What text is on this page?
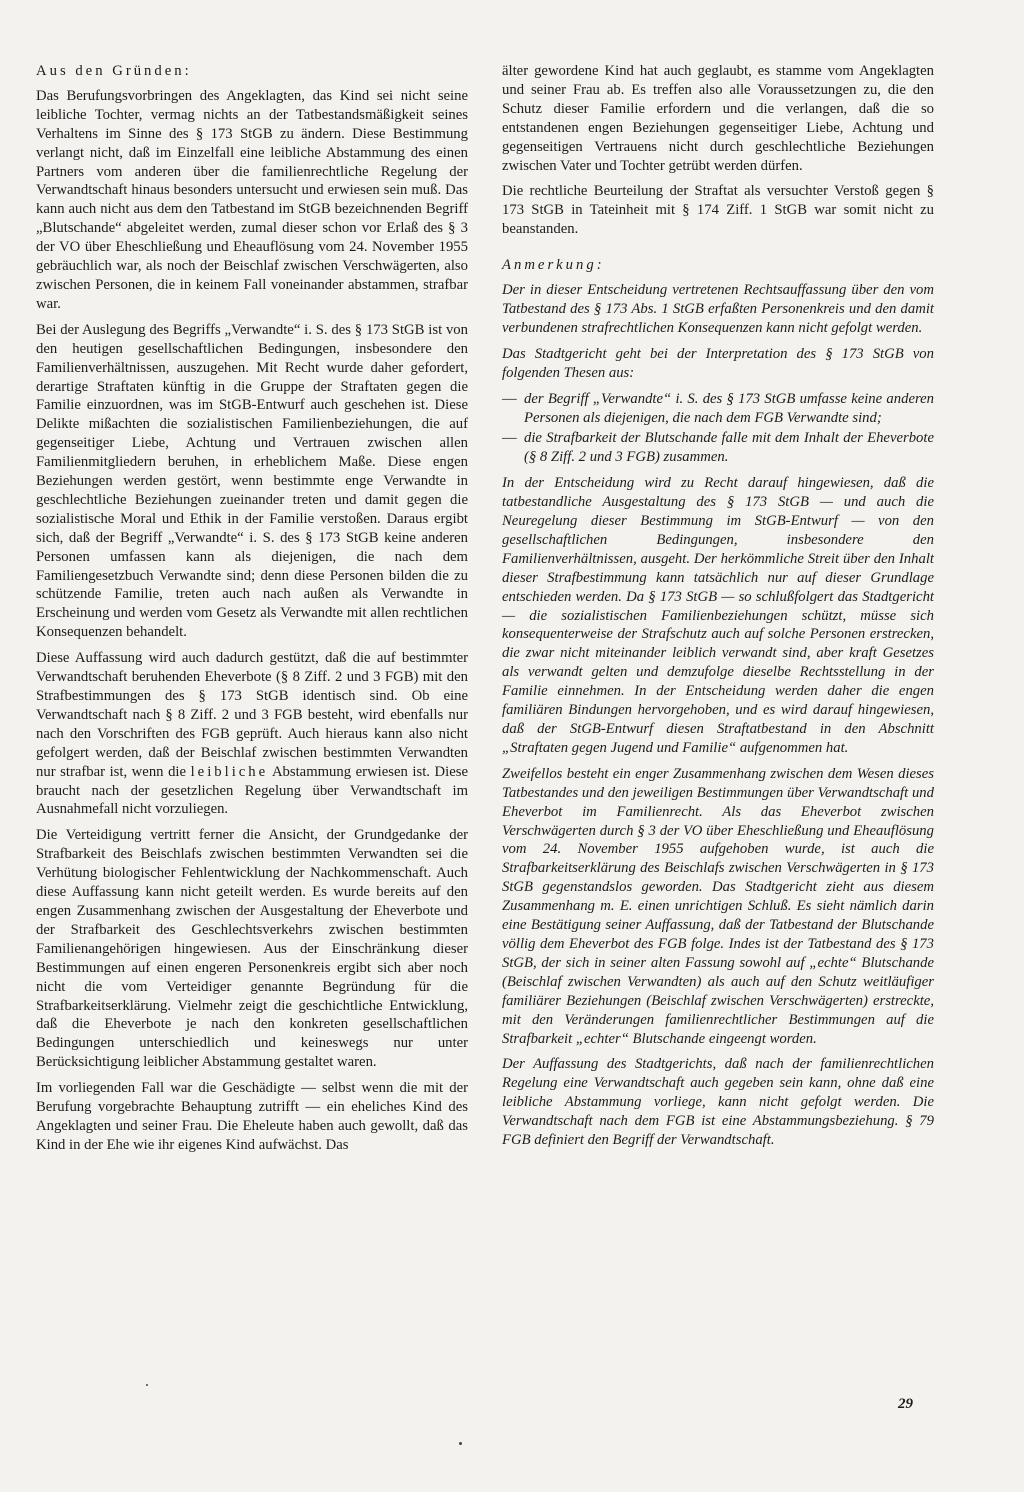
Aus den Gründen:

Das Berufungsvorbringen des Angeklagten, das Kind sei nicht seine leibliche Tochter, vermag nichts an der Tatbestandsmäßigkeit seines Verhaltens im Sinne des § 173 StGB zu ändern. Diese Bestimmung verlangt nicht, daß im Einzelfall eine leibliche Abstammung des einen Partners vom anderen über die familienrechtliche Regelung der Verwandtschaft hinaus besonders untersucht und erwiesen sein muß. Das kann auch nicht aus dem den Tatbestand im StGB bezeichnenden Begriff „Blutschande“ abgeleitet werden, zumal dieser schon vor Erlaß des § 3 der VO über Eheschließung und Eheauflösung vom 24. November 1955 gebräuchlich war, als noch der Beischlaf zwischen Verschwägerten, also zwischen Personen, die in keinem Fall voneinander abstammen, strafbar war.

Bei der Auslegung des Begriffs „Verwandte“ i. S. des § 173 StGB ist von den heutigen gesellschaftlichen Bedingungen, insbesondere den Familienverhältnissen, auszugehen. Mit Recht wurde daher gefordert, derartige Straftaten künftig in die Gruppe der Straftaten gegen die Familie einzuordnen, was im StGB-Entwurf auch geschehen ist. Diese Delikte mißachten die sozialistischen Familienbeziehungen, die auf gegenseitiger Liebe, Achtung und Vertrauen zwischen allen Familienmitgliedern beruhen, in erheblichem Maße. Diese engen Beziehungen werden gestört, wenn bestimmte enge Verwandte in geschlechtliche Beziehungen zueinander treten und damit gegen die sozialistische Moral und Ethik in der Familie verstoßen. Daraus ergibt sich, daß der Begriff „Verwandte“ i. S. des § 173 StGB keine anderen Personen umfassen kann als diejenigen, die nach dem Familiengesetzbuch Verwandte sind; denn diese Personen bilden die zu schützende Familie, treten auch nach außen als Verwandte in Erscheinung und werden vom Gesetz als Verwandte mit allen rechtlichen Konsequenzen behandelt.

Diese Auffassung wird auch dadurch gestützt, daß die auf bestimmter Verwandtschaft beruhenden Eheverbote (§ 8 Ziff. 2 und 3 FGB) mit den Strafbestimmungen des § 173 StGB identisch sind. Ob eine Verwandtschaft nach § 8 Ziff. 2 und 3 FGB besteht, wird ebenfalls nur nach den Vorschriften des FGB geprüft. Auch hieraus kann also nicht gefolgert werden, daß der Beischlaf zwischen bestimmten Verwandten nur strafbar ist, wenn die leibliche Abstammung erwiesen ist. Diese braucht nach der gesetzlichen Regelung über Verwandtschaft im Ausnahmefall nicht vorzuliegen.

Die Verteidigung vertritt ferner die Ansicht, der Grundgedanke der Strafbarkeit des Beischlafs zwischen bestimmten Verwandten sei die Verhütung biologischer Fehlentwicklung der Nachkommenschaft. Auch diese Auffassung kann nicht geteilt werden. Es wurde bereits auf den engen Zusammenhang zwischen der Ausgestaltung der Eheverbote und der Strafbarkeit des Geschlechtsverkehrs zwischen bestimmten Familienangehörigen hingewiesen. Aus der Einschränkung dieser Bestimmungen auf einen engeren Personenkreis ergibt sich aber noch nicht die vom Verteidiger genannte Begründung für die Strafbarkeitserklärung. Vielmehr zeigt die geschichtliche Entwicklung, daß die Eheverbote je nach den konkreten gesellschaftlichen Bedingungen unterschiedlich und keineswegs nur unter Berücksichtigung leiblicher Abstammung gestaltet waren.

Im vorliegenden Fall war die Geschädigte — selbst wenn die mit der Berufung vorgebrachte Behauptung zutrifft — ein eheliches Kind des Angeklagten und seiner Frau. Die Eheleute haben auch gewollt, daß das Kind in der Ehe wie ihr eigenes Kind aufwächst. Das

älter gewordene Kind hat auch geglaubt, es stamme vom Angeklagten und seiner Frau ab. Es treffen also alle Voraussetzungen zu, die den Schutz dieser Familie erfordern und die verlangen, daß die so entstandenen engen Beziehungen gegenseitiger Liebe, Achtung und gegenseitigen Vertrauens nicht durch geschlechtliche Beziehungen zwischen Vater und Tochter getrübt werden dürfen.

Die rechtliche Beurteilung der Straftat als versuchter Verstoß gegen § 173 StGB in Tateinheit mit § 174 Ziff. 1 StGB war somit nicht zu beanstanden.

Anmerkung:

Der in dieser Entscheidung vertretenen Rechtsauffassung über den vom Tatbestand des § 173 Abs. 1 StGB erfaßten Personenkreis und den damit verbundenen strafrechtlichen Konsequenzen kann nicht gefolgt werden.

Das Stadtgericht geht bei der Interpretation des § 173 StGB von folgenden Thesen aus:

— der Begriff „Verwandte“ i. S. des § 173 StGB umfasse keine anderen Personen als diejenigen, die nach dem FGB Verwandte sind;
— die Strafbarkeit der Blutschande falle mit dem Inhalt der Eheverbote (§ 8 Ziff. 2 und 3 FGB) zusammen.

In der Entscheidung wird zu Recht darauf hingewiesen, daß die tatbestandliche Ausgestaltung des § 173 StGB — und auch die Neuregelung dieser Bestimmung im StGB-Entwurf — von den gesellschaftlichen Bedingungen, insbesondere den Familienverhältnissen, ausgeht. Der herkömmliche Streit über den Inhalt dieser Strafbestimmung kann tatsächlich nur auf dieser Grundlage entschieden werden. Da § 173 StGB — so schlußfolgert das Stadtgericht — die sozialistischen Familienbeziehungen schützt, müsse sich konsequenterweise der Strafschutz auch auf solche Personen erstrecken, die zwar nicht miteinander leiblich verwandt sind, aber kraft Gesetzes als verwandt gelten und demzufolge dieselbe Rechtsstellung in der Familie einnehmen. In der Entscheidung werden daher die engen familiären Bindungen hervorgehoben, und es wird darauf hingewiesen, daß der StGB-Entwurf diesen Straftatbestand in den Abschnitt „Straftaten gegen Jugend und Familie“ aufgenommen hat.

Zweifellos besteht ein enger Zusammenhang zwischen dem Wesen dieses Tatbestandes und den jeweiligen Bestimmungen über Verwandtschaft und Eheverbot im Familienrecht. Als das Eheverbot zwischen Verschwägerten durch § 3 der VO über Eheschließung und Eheauflösung vom 24. November 1955 aufgehoben wurde, ist auch die Strafbarkeitserklärung des Beischlafs zwischen Verschwägerten in § 173 StGB gegenstandslos geworden. Das Stadtgericht zieht aus diesem Zusammenhang m. E. einen unrichtigen Schluß. Es sieht nämlich darin eine Bestätigung seiner Auffassung, daß der Tatbestand der Blutschande völlig dem Eheverbot des FGB folge. Indes ist der Tatbestand des § 173 StGB, der sich in seiner alten Fassung sowohl auf „echte“ Blutschande (Beischlaf zwischen Verwandten) als auch auf den Schutz weitläufiger familiärer Beziehungen (Beischlaf zwischen Verschwägerten) erstreckte, mit den Veränderungen familienrechtlicher Bestimmungen auf die Strafbarkeit „echter“ Blutschande eingeengt worden.

Der Auffassung des Stadtgerichts, daß nach der familienrechtlichen Regelung eine Verwandtschaft auch gegeben sein kann, ohne daß eine leibliche Abstammung vorliege, kann nicht gefolgt werden. Die Verwandtschaft nach dem FGB ist eine Abstammungsbeziehung. § 79 FGB definiert den Begriff der Verwandtschaft.

29
